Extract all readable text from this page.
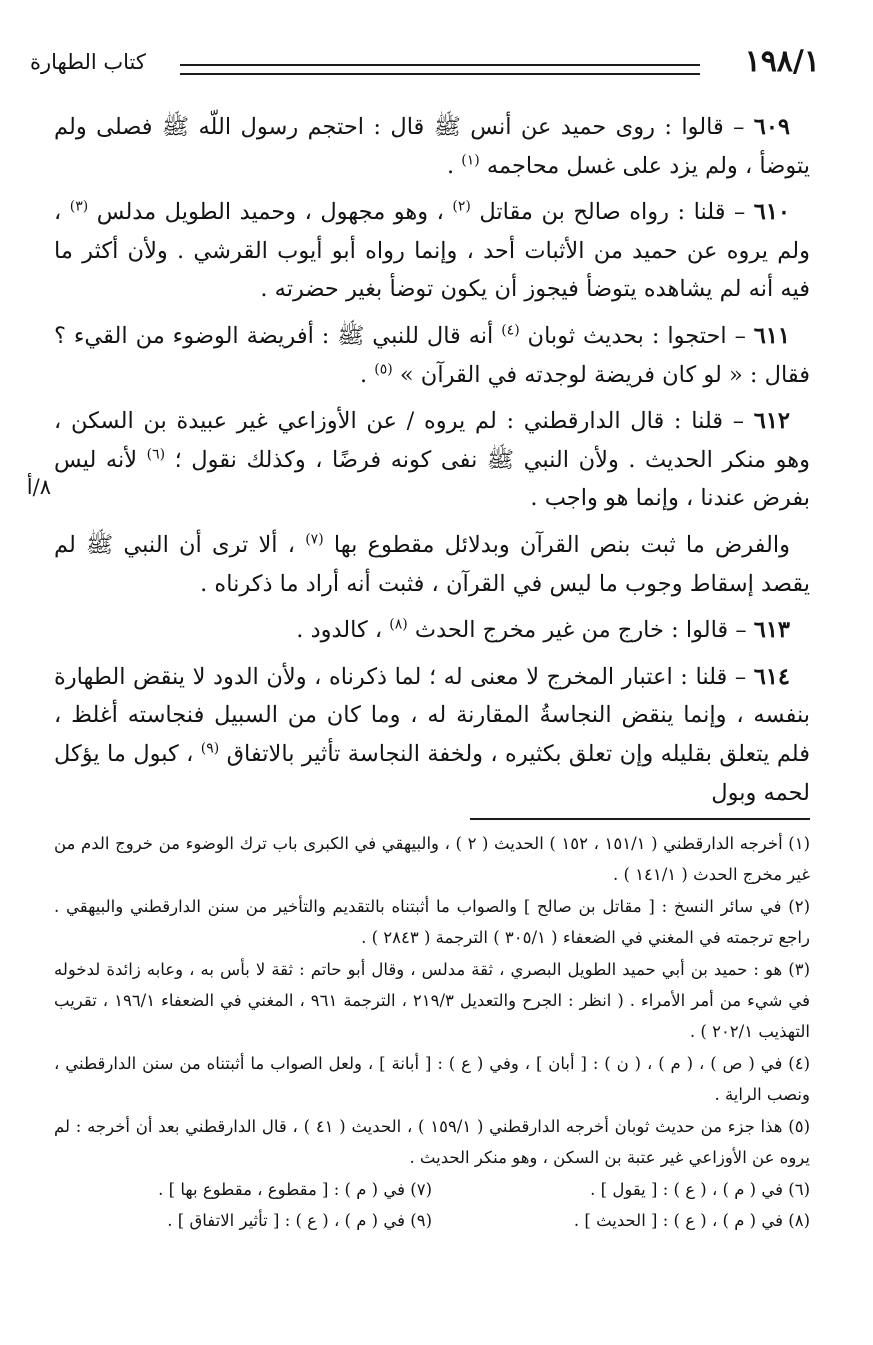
١٩٨/١
كتاب الطهارة
٨/أ

٦٠٩ – قالوا : روى حميد عن أنس ﷺ قال : احتجم رسول اللّه ﷺ فصلى ولم يتوضأ ، ولم يزد على غسل محاجمه $^{(١)}$ .

٦١٠ – قلنا : رواه صالح بن مقاتل $^{(٢)}$ ، وهو مجهول ، وحميد الطويل مدلس $^{(٣)}$ ، ولم يروه عن حميد من الأثبات أحد ، وإنما رواه أبو أيوب القرشي . ولأن أكثر ما فيه أنه لم يشاهده يتوضأ فيجوز أن يكون توضأ بغير حضرته .

٦١١ – احتجوا : بحديث ثوبان $^{(٤)}$ أنه قال للنبي ﷺ : أفريضة الوضوء من القيء ؟ فقال : « لو كان فريضة لوجدته في القرآن » $^{(٥)}$ .

٦١٢ – قلنا : قال الدارقطني : لم يروه / عن الأوزاعي غير عبيدة بن السكن ، وهو منكر الحديث . ولأن النبي ﷺ نفى كونه فرضًا ، وكذلك نقول ؛ $^{(٦)}$ لأنه ليس بفرض عندنا ، وإنما هو واجب .

والفرض ما ثبت بنص القرآن وبدلائل مقطوع بها $^{(٧)}$ ، ألا ترى أن النبي ﷺ لم يقصد إسقاط وجوب ما ليس في القرآن ، فثبت أنه أراد ما ذكرناه .

٦١٣ – قالوا : خارج من غير مخرج الحدث $^{(٨)}$ ، كالدود .

٦١٤ – قلنا : اعتبار المخرج لا معنى له ؛ لما ذكرناه ، ولأن الدود لا ينقض الطهارة بنفسه ، وإنما ينقض النجاسةُ المقارنة له ، وما كان من السبيل فنجاسته أغلظ ، فلم يتعلق بقليله وإن تعلق بكثيره ، ولخفة النجاسة تأثير بالاتفاق $^{(٩)}$ ، كبول ما يؤكل لحمه وبول

(١) أخرجه الدارقطني ( ١٥١/١ ، ١٥٢ ) الحديث ( ٢ ) ، والبيهقي في الكبرى باب ترك الوضوء من خروج الدم من غير مخرج الحدث ( ١٤١/١ ) .

(٢) في سائر النسخ : [ مقاتل بن صالح ] والصواب ما أثبتناه بالتقديم والتأخير من سنن الدارقطني والبيهقي . راجع ترجمته في المغني في الضعفاء ( ٣٠٥/١ ) الترجمة ( ٢٨٤٣ ) .

(٣) هو : حميد بن أبي حميد الطويل البصري ، ثقة مدلس ، وقال أبو حاتم : ثقة لا بأس به ، وعابه زائدة لدخوله في شيء من أمر الأمراء . ( انظر : الجرح والتعديل ٢١٩/٣ ، الترجمة ٩٦١ ، المغني في الضعفاء ١٩٦/١ ، تقريب التهذيب ٢٠٢/١ ) .

(٤) في ( ص ) ، ( م ) ، ( ن ) : [ أبان ] ، وفي ( ع ) : [ أبانة ] ، ولعل الصواب ما أثبتناه من سنن الدارقطني ، ونصب الراية .

(٥) هذا جزء من حديث ثوبان أخرجه الدارقطني ( ١٥٩/١ ) ، الحديث ( ٤١ ) ، قال الدارقطني بعد أن أخرجه : لم يروه عن الأوزاعي غير عتبة بن السكن ، وهو منكر الحديث .

(٦) في ( م ) ، ( ع ) : [ يقول ] .
(٧) في ( م ) : [ مقطوع ، مقطوع بها ] .
(٨) في ( م ) ، ( ع ) : [ الحديث ] .
(٩) في ( م ) ، ( ع ) : [ تأثير الاتفاق ] .
